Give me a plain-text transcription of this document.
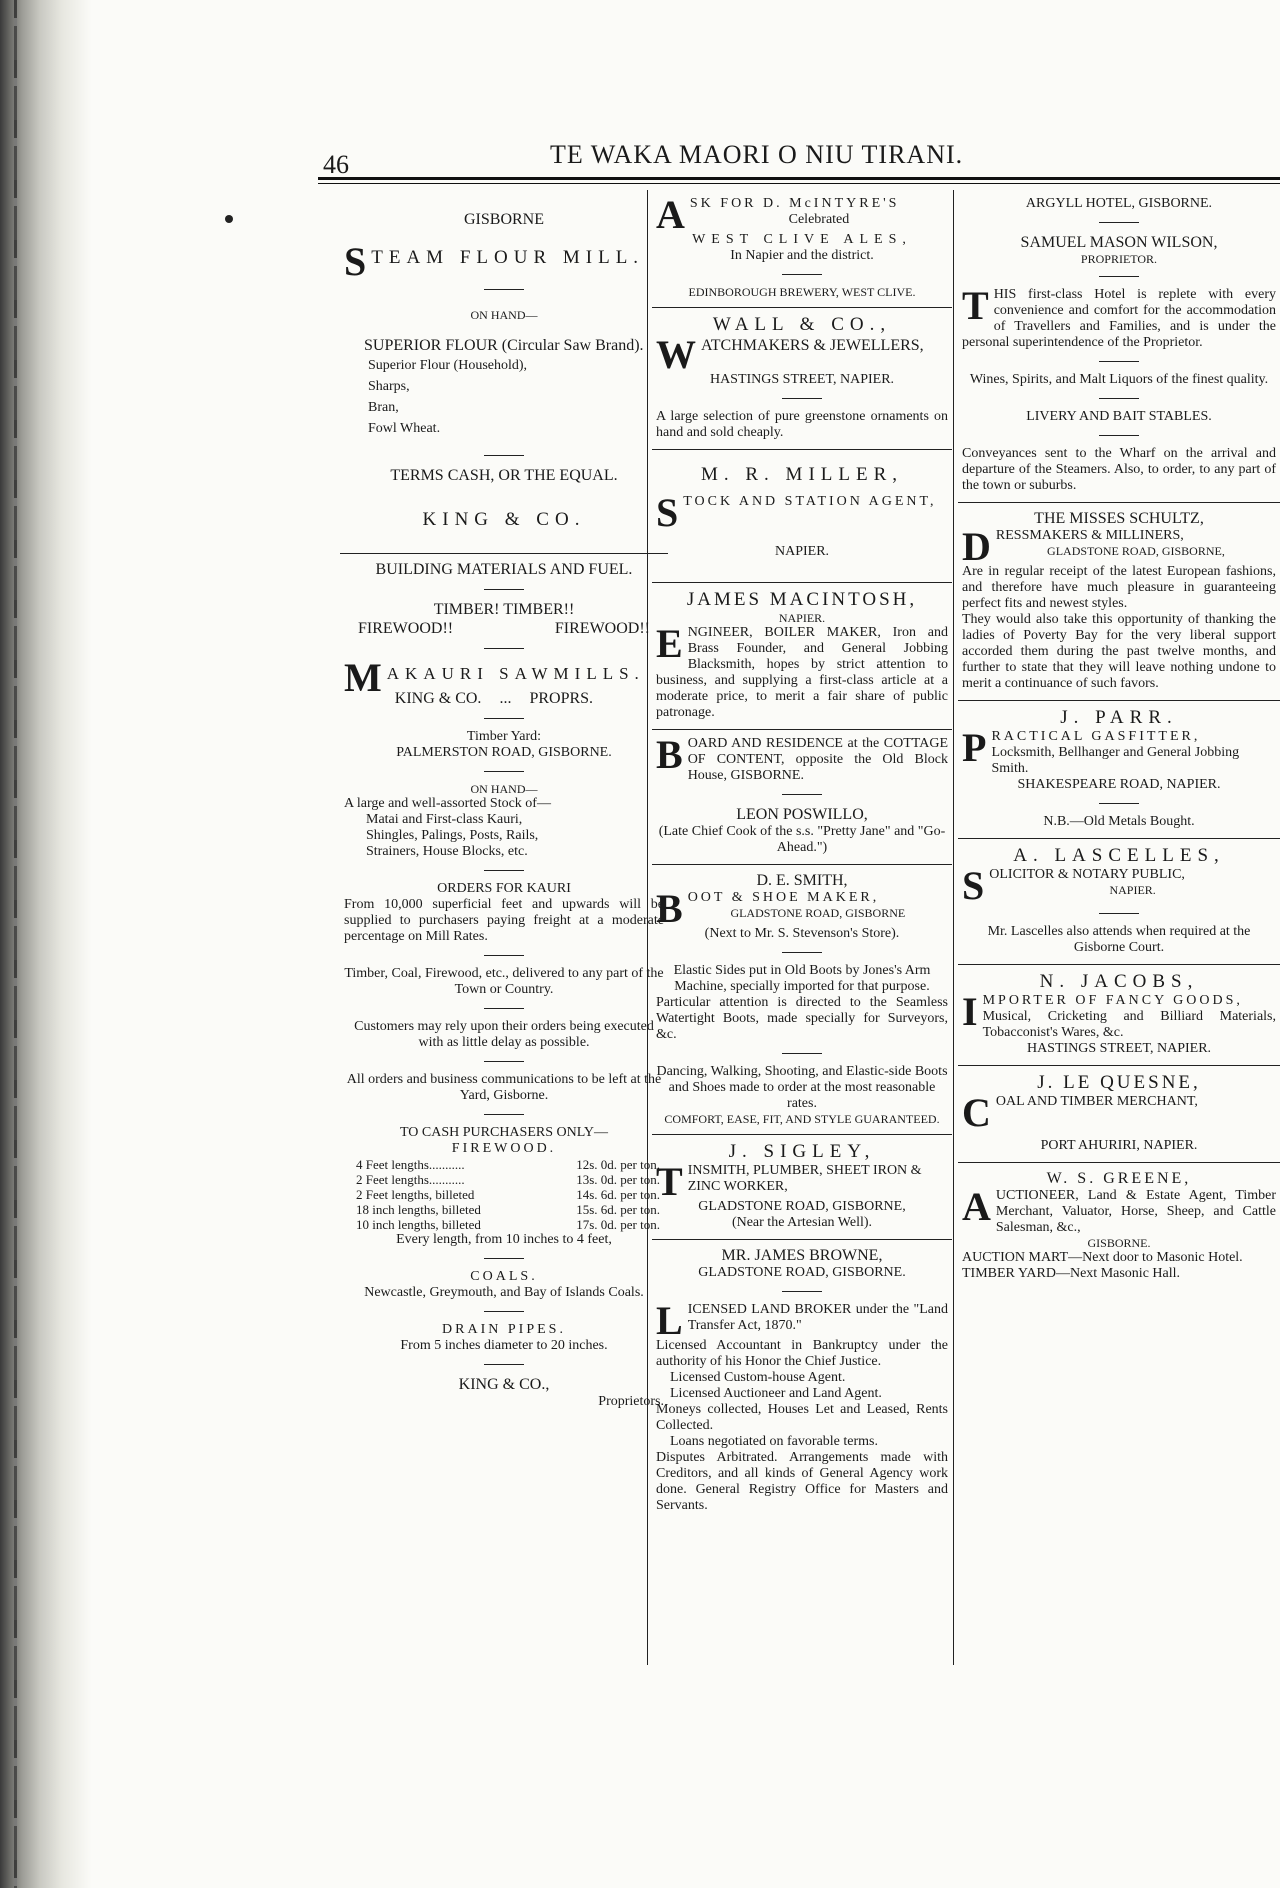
46	TE WAKA MAORI O NIU TIRANI.
GISBORNE
S TEAM FLOUR MILL.
ON HAND—
SUPERIOR FLOUR (Circular Saw Brand).
Superior Flour (Household),
Sharps,
Bran,
Fowl Wheat.
TERMS CASH, OR THE EQUAL.
KING & CO.
BUILDING MATERIALS AND FUEL.
TIMBER! TIMBER!!
FIREWOOD!!	FIREWOOD!!
M AKAURI SAWMILLS.
KING & CO. ... PROPRS.
Timber Yard:
PALMERSTON ROAD, GISBORNE.
ON HAND—
A large and well-assorted Stock of—
Matai and First-class Kauri,
Shingles, Palings, Posts, Rails,
Strainers, House Blocks, etc.
ORDERS FOR KAURI
From 10,000 superficial feet and upwards will be supplied to purchasers paying freight at a moderate percentage on Mill Rates.
Timber, Coal, Firewood, etc., delivered to any part of the Town or Country.
Customers may rely upon their orders being executed with as little delay as possible.
All orders and business communications to be left at the Yard, Gisborne.
TO CASH PURCHASERS ONLY—
FIREWOOD.
4 Feet lengths...........	12s. 0d. per ton.
2 Feet lengths...........	13s. 0d. per ton.
2 Feet lengths, billeted	14s. 6d. per ton.
18 inch lengths, billeted	15s. 6d. per ton.
10 inch lengths, billeted	17s. 0d. per ton.
Every length, from 10 inches to 4 feet,
COALS.
Newcastle, Greymouth, and Bay of Islands Coals.
DRAIN PIPES.
From 5 inches diameter to 20 inches.
KING & CO.,
Proprietors.
A SK FOR D. McINTYRE'S
Celebrated
WEST CLIVE ALES,
In Napier and the district.
EDINBOROUGH BREWERY, WEST CLIVE.
WALL & CO.,
W ATCHMAKERS & JEWELLERS,
HASTINGS STREET, NAPIER.
A large selection of pure greenstone ornaments on hand and sold cheaply.
M. R. MILLER,
S TOCK AND STATION AGENT,
NAPIER.
JAMES MACINTOSH,
NAPIER.
E NGINEER, BOILER MAKER, Iron and Brass Founder, and General Jobbing Blacksmith, hopes by strict attention to business, and supplying a first-class article at a moderate price, to merit a fair share of public patronage.
B OARD AND RESIDENCE at the COTTAGE OF CONTENT, opposite the Old Block House, GISBORNE.
LEON POSWILLO,
(Late Chief Cook of the s.s. "Pretty Jane" and "Go-Ahead.")
D. E. SMITH,
B OOT & SHOE MAKER,
GLADSTONE ROAD, GISBORNE
(Next to Mr. S. Stevenson's Store).
Elastic Sides put in Old Boots by Jones's Arm Machine, specially imported for that purpose.
Particular attention is directed to the Seamless Watertight Boots, made specially for Surveyors, &c.
Dancing, Walking, Shooting, and Elastic-side Boots and Shoes made to order at the most reasonable rates.
COMFORT, EASE, FIT, AND STYLE GUARANTEED.
J. SIGLEY,
T INSMITH, PLUMBER, SHEET IRON & ZINC WORKER,
GLADSTONE ROAD, GISBORNE,
(Near the Artesian Well).
MR. JAMES BROWNE,
GLADSTONE ROAD, GISBORNE.
L ICENSED LAND BROKER under the "Land Transfer Act, 1870."
Licensed Accountant in Bankruptcy under the authority of his Honor the Chief Justice.
Licensed Custom-house Agent.
Licensed Auctioneer and Land Agent.
Moneys collected, Houses Let and Leased, Rents Collected.
Loans negotiated on favorable terms.
Disputes Arbitrated. Arrangements made with Creditors, and all kinds of General Agency work done. General Registry Office for Masters and Servants.
ARGYLL HOTEL, GISBORNE.
SAMUEL MASON WILSON,
PROPRIETOR.
T HIS first-class Hotel is replete with every convenience and comfort for the accommodation of Travellers and Families, and is under the personal superintendence of the Proprietor.
Wines, Spirits, and Malt Liquors of the finest quality.
LIVERY AND BAIT STABLES.
Conveyances sent to the Wharf on the arrival and departure of the Steamers. Also, to order, to any part of the town or suburbs.
THE MISSES SCHULTZ,
D RESSMAKERS & MILLINERS,
GLADSTONE ROAD, GISBORNE,
Are in regular receipt of the latest European fashions, and therefore have much pleasure in guaranteeing perfect fits and newest styles.
They would also take this opportunity of thanking the ladies of Poverty Bay for the very liberal support accorded them during the past twelve months, and further to state that they will leave nothing undone to merit a continuance of such favors.
J. PARR.
P RACTICAL GASFITTER,
Locksmith, Bellhanger and General Jobbing Smith.
SHAKESPEARE ROAD, NAPIER.
N.B.—Old Metals Bought.
A. LASCELLES,
S OLICITOR & NOTARY PUBLIC,
NAPIER.
Mr. Lascelles also attends when required at the Gisborne Court.
N. JACOBS,
I MPORTER OF FANCY GOODS,
Musical, Cricketing and Billiard Materials, Tobacconist's Wares, &c.
HASTINGS STREET, NAPIER.
J. LE QUESNE,
C OAL AND TIMBER MERCHANT,
PORT AHURIRI, NAPIER.
W. S. GREENE,
A UCTIONEER, Land & Estate Agent, Timber Merchant, Valuator, Horse, Sheep, and Cattle Salesman, &c.,
GISBORNE.
AUCTION MART—Next door to Masonic Hotel.
TIMBER YARD—Next Masonic Hall.
